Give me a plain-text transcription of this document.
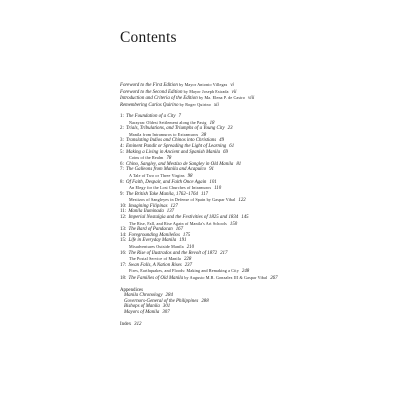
Contents
Foreword to the First Edition by Mayor Antonio Villegas vi
Foreword to the Second Edition by Mayor Joseph Estrada vii
Introduction and Criteria of the Edition by Ma. Elena P. de Castro viii
Remembering Carlos Quirino by Roger Quirino xii
1: The Foundation of a City 7
Narayan: Oldest Settlement along the Pasig 18
2: Trials, Tribulations, and Triumphs of a Young City 23
Manila from Intramuros to Extramuros 38
3: Translating Indios and Chinos into Christians 49
4: Eminent Pandit or Spreading the Light of Learning 61
5: Making a Living in Ancient and Spanish Manila 69
Coins of the Realm 78
6: Chino, Sangley, and Mestizo de Sangley in Old Manila 81
7: The Galleons from Manila and Acapulco 91
A Tale of Two or Three Virgins 98
8: Of Faith, Despair, and Faith Once Again 101
An Elegy for the Lost Churches of Intramuros 110
9: The British Take Manila, 1762–1764 117
Mestizos of Sangleyes in Defense of Spain by Gaspar Vibal 122
10: Imagining Filipinas 127
11: Manila Iluminada 137
12: Imperial Nostalgia and the Festivities of 1825 and 1834 145
The Rise, Fall, and Rise Again of Manila's Art Schools 150
13: The Bard of Pandacan 167
14: Foregrounding Manileños 175
15: Life in Everyday Manila 191
Misadventures Outside Manila 210
16: The Rise of Ilustrados and the Revolt of 1872 217
The Postal Service of Manila 228
17: Swan Falls, A Nation Rises 237
Fires, Earthquakes, and Floods: Making and Remaking a City 248
18: The Families of Old Manila by Augusto M.R. Gonzalez III & Gaspar Vibal 267
Appendices
Manila Chronology 284
Governors-General of the Philippines 288
Bishops of Manila 301
Mayors of Manila 307
Index 312
